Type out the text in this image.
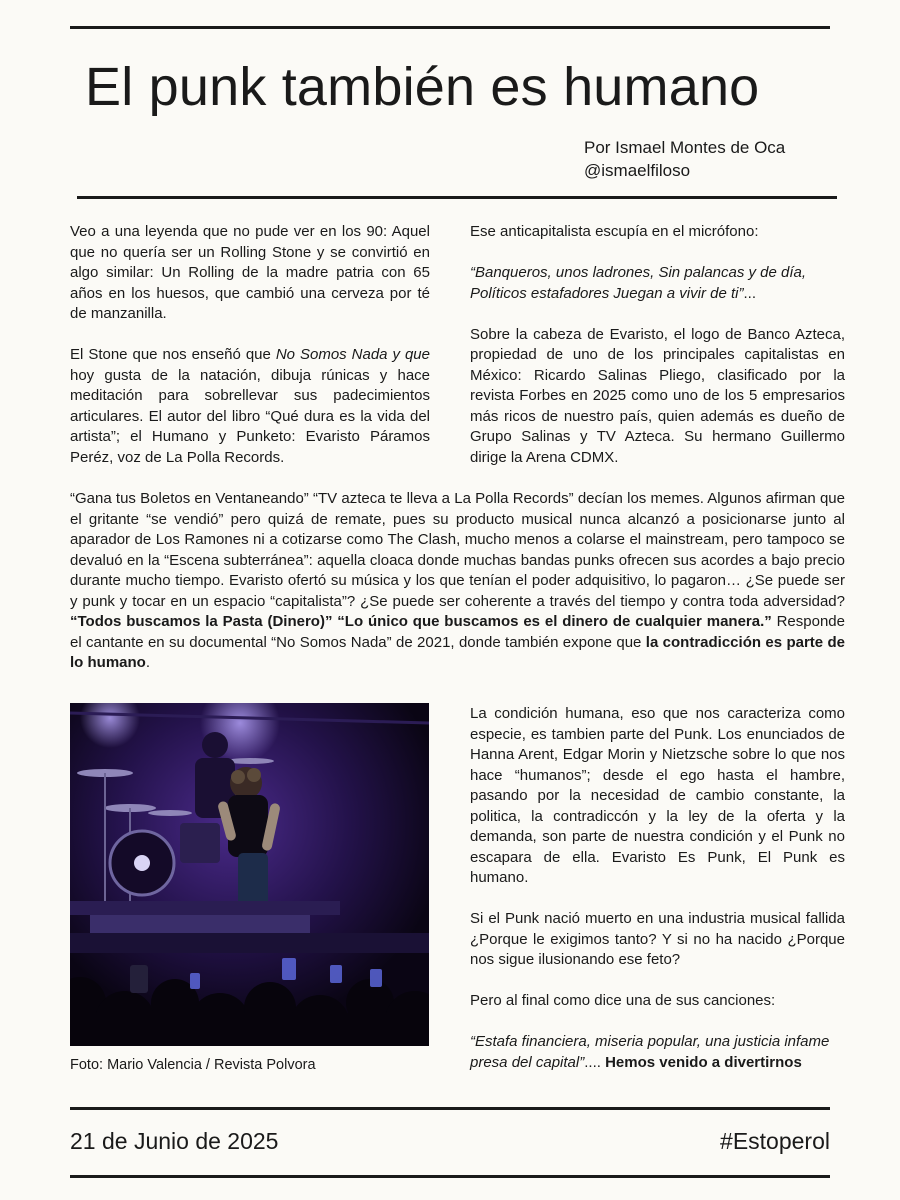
El punk también es humano
Por Ismael Montes de Oca
@ismaelfiloso

Veo a una leyenda que no pude ver en los 90: Aquel que no quería ser un Rolling Stone y se convirtió en algo similar: Un Rolling de la madre patria con 65 años en los huesos, que cambió una cerveza por té de manzanilla.

El Stone que nos enseñó que No Somos Nada y que hoy gusta de la natación, dibuja rúnicas y hace meditación para sobrellevar sus padecimientos articulares. El autor del libro “Qué dura es la vida del artista”; el Humano y Punketo: Evaristo Páramos Peréz, voz de La Polla Records.

Ese anticapitalista escupía en el micrófono:

“Banqueros, unos ladrones, Sin palancas y de día, Políticos estafadores Juegan a vivir de ti”...

Sobre la cabeza de Evaristo, el logo de Banco Azteca, propiedad de uno de los principales capitalistas en México: Ricardo Salinas Pliego, clasificado por la revista Forbes en 2025 como uno de los 5 empresarios más ricos de nuestro país, quien además es dueño de Grupo Salinas y TV Azteca. Su hermano Guillermo dirige la Arena CDMX.

“Gana tus Boletos en Ventaneando” “TV azteca te lleva a La Polla Records” decían los memes. Algunos afirman que el gritante “se vendió” pero quizá de remate, pues su producto musical nunca alcanzó a posicionarse junto al aparador de Los Ramones ni a cotizarse como The Clash, mucho menos a colarse el mainstream, pero tampoco se devaluó en la “Escena subterránea”: aquella cloaca donde muchas bandas punks ofrecen sus acordes a bajo precio durante mucho tiempo. Evaristo ofertó su música y los que tenían el poder adquisitivo, lo pagaron… ¿Se puede ser y punk y tocar en un espacio “capitalista”? ¿Se puede ser coherente a través del tiempo y contra toda adversidad? “Todos buscamos la Pasta (Dinero)” “Lo único que buscamos es el dinero de cualquier manera.” Responde el cantante en su documental “No Somos Nada” de 2021, donde también expone que la contradicción es parte de lo humano.
Foto: Mario Valencia / Revista Polvora

La condición humana, eso que nos caracteriza como especie, es tambien parte del Punk. Los enunciados de Hanna Arent, Edgar Morin y Nietzsche sobre lo que nos hace “humanos”; desde el ego hasta el hambre, pasando por la necesidad de cambio constante, la politica, la contradiccón y la ley de la oferta y la demanda, son parte de nuestra condición y el Punk no escapara de ella. Evaristo Es Punk, El Punk es humano.

Si el Punk nació muerto en una industria musical fallida ¿Porque le exigimos tanto? Y si no ha nacido ¿Porque nos sigue ilusionando ese feto?

Pero al final como dice una de sus canciones:

“Estafa financiera, miseria popular, una justicia infame presa del capital”.... Hemos venido a divertirnos

21 de Junio de 2025	#Estoperol
